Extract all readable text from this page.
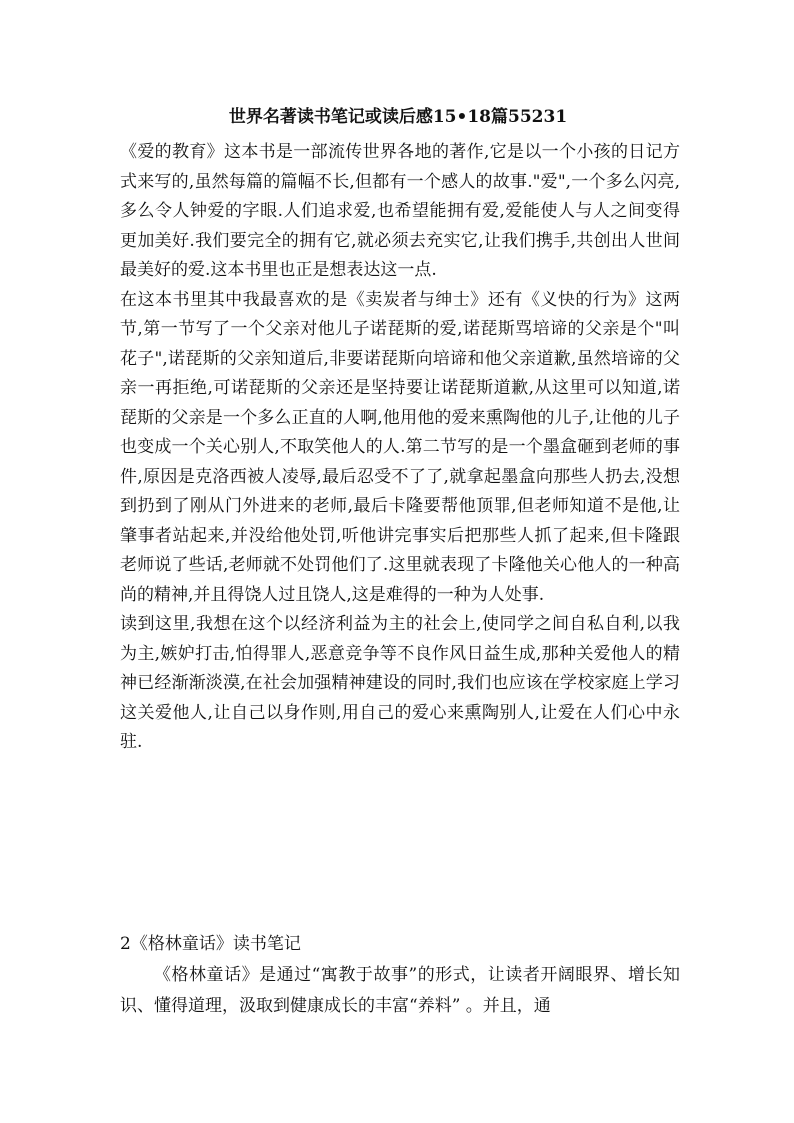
世界名著读书笔记或读后感15•18篇55231

《爱的教育》这本书是一部流传世界各地的著作,它是以一个小孩的日记方式来写的,虽然每篇的篇幅不长,但都有一个感人的故事."爱",一个多么闪亮,多么令人钟爱的字眼.人们追求爱,也希望能拥有爱,爱能使人与人之间变得更加美好.我们要完全的拥有它,就必须去充实它,让我们携手,共创出人世间最美好的爱.这本书里也正是想表达这一点.

在这本书里其中我最喜欢的是《卖炭者与绅士》还有《义快的行为》这两节,第一节写了一个父亲对他儿子诺琵斯的爱,诺琵斯骂培谛的父亲是个"叫花子",诺琵斯的父亲知道后,非要诺琵斯向培谛和他父亲道歉,虽然培谛的父亲一再拒绝,可诺琵斯的父亲还是坚持要让诺琵斯道歉,从这里可以知道,诺琵斯的父亲是一个多么正直的人啊,他用他的爱来熏陶他的儿子,让他的儿子也变成一个关心别人,不取笑他人的人.第二节写的是一个墨盒砸到老师的事件,原因是克洛西被人凌辱,最后忍受不了了,就拿起墨盒向那些人扔去,没想到扔到了刚从门外进来的老师,最后卡隆要帮他顶罪,但老师知道不是他,让肇事者站起来,并没给他处罚,听他讲完事实后把那些人抓了起来,但卡隆跟老师说了些话,老师就不处罚他们了.这里就表现了卡隆他关心他人的一种高尚的精神,并且得饶人过且饶人,这是难得的一种为人处事.

读到这里,我想在这个以经济利益为主的社会上,使同学之间自私自利,以我为主,嫉妒打击,怕得罪人,恶意竞争等不良作风日益生成,那种关爱他人的精神已经渐渐淡漠,在社会加强精神建设的同时,我们也应该在学校家庭上学习这关爱他人,让自己以身作则,用自己的爱心来熏陶别人,让爱在人们心中永驻.

2《格林童话》读书笔记

《格林童话》是通过“寓教于故事”的形式，让读者开阔眼界、增长知识、懂得道理，汲取到健康成长的丰富“养料” 。并且，通
